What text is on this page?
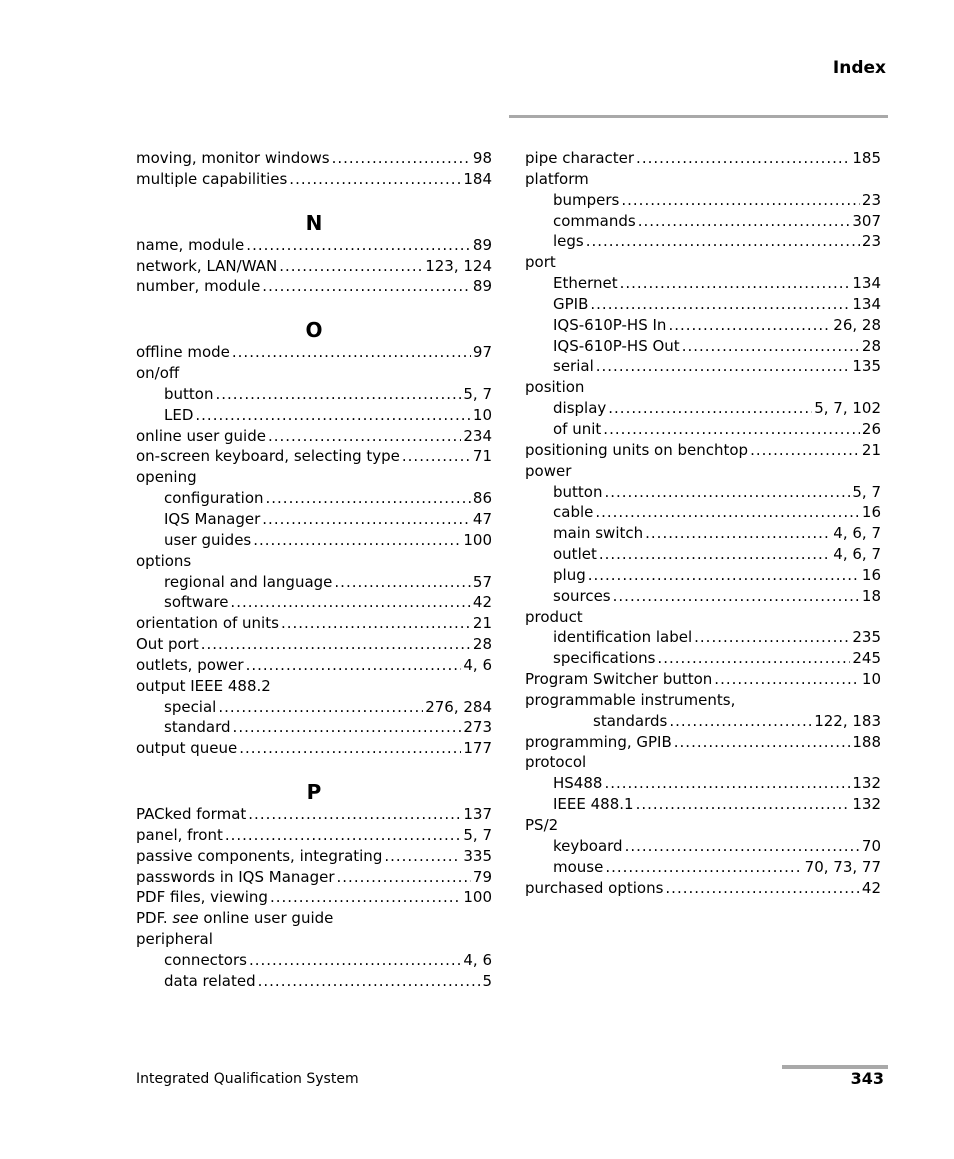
Index
moving, monitor windows .....	98
multiple capabilities .....	184
N
name, module .....	89
network, LAN/WAN .....	123, 124
number, module .....	89
O
offline mode .....	97
on/off
button .....	5, 7
LED .....	10
online user guide .....	234
on-screen keyboard, selecting type .....	71
opening
configuration .....	86
IQS Manager .....	47
user guides .....	100
options
regional and language .....	57
software .....	42
orientation of units .....	21
Out port .....	28
outlets, power .....	4, 6
output IEEE 488.2
special .....	276, 284
standard .....	273
output queue .....	177
P
PACked format .....	137
panel, front .....	5, 7
passive components, integrating .....	335
passwords in IQS Manager .....	79
PDF files, viewing .....	100
PDF. see online user guide
peripheral
connectors .....	4, 6
data related .....	5
pipe character .....	185
platform
bumpers .....	23
commands .....	307
legs .....	23
port
Ethernet .....	134
GPIB .....	134
IQS-610P-HS In .....	26, 28
IQS-610P-HS Out .....	28
serial .....	135
position
display .....	5, 7, 102
of unit .....	26
positioning units on benchtop .....	21
power
button .....	5, 7
cable .....	16
main switch .....	4, 6, 7
outlet .....	4, 6, 7
plug .....	16
sources .....	18
product
identification label .....	235
specifications .....	245
Program Switcher button .....	10
programmable instruments,
standards .....	122, 183
programming, GPIB .....	188
protocol
HS488 .....	132
IEEE 488.1 .....	132
PS/2
keyboard .....	70
mouse .....	70, 73, 77
purchased options .....	42
Integrated Qualification System	343
